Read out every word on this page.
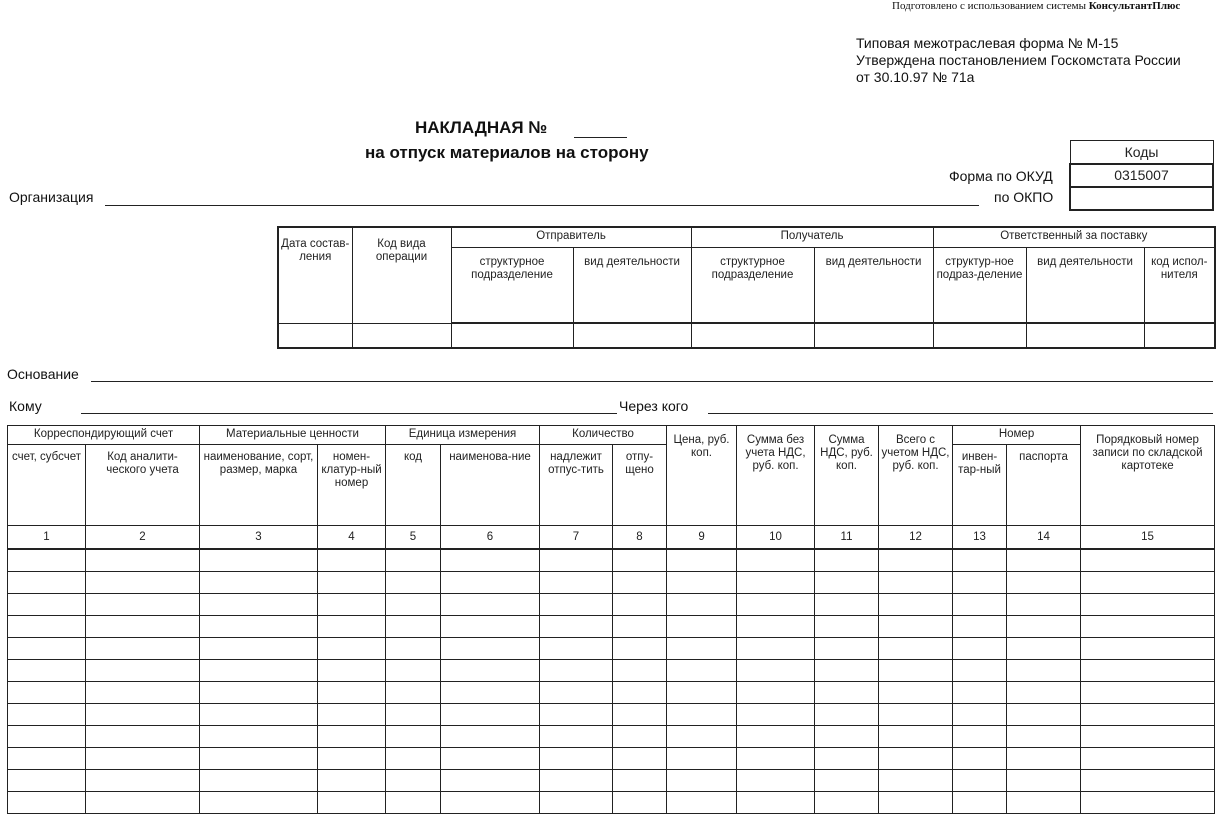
Подготовлено с использованием системы КонсультантПлюс
Типовая межотраслевая форма № М-15
Утверждена постановлением Госкомстата России
от 30.10.97 № 71а
НАКЛАДНАЯ №
на отпуск материалов на сторону	Коды
0315007

Форма по ОКУД
по ОКПО
Организация
Дата состав-ления	Код вида операции	Отправитель		Получатель		Ответственный за поставку		
		структурное подразделение	вид деятельности	структурное подразделение	вид деятельности	структур-ное подраз-деление	вид деятельности	код испол-нителя

Основание
Кому	Через кого
Корреспондирующий счет		Материальные ценности		Единица измерения		Количество		Цена, руб. коп.	Сумма без учета НДС, руб. коп.	Сумма НДС, руб. коп.	Всего с учетом НДС, руб. коп.	Номер		Порядковый номер записи по складской картотеке
счет, субсчет	Код аналити-ческого учета	наименование, сорт, размер, марка	номен-клатур-ный номер	код	наименова-ние	надлежит отпус-тить	отпу-щено					инвен-тар-ный	паспорта	
1	2	3	4	5	6	7	8	9	10	11	12	13	14	15
